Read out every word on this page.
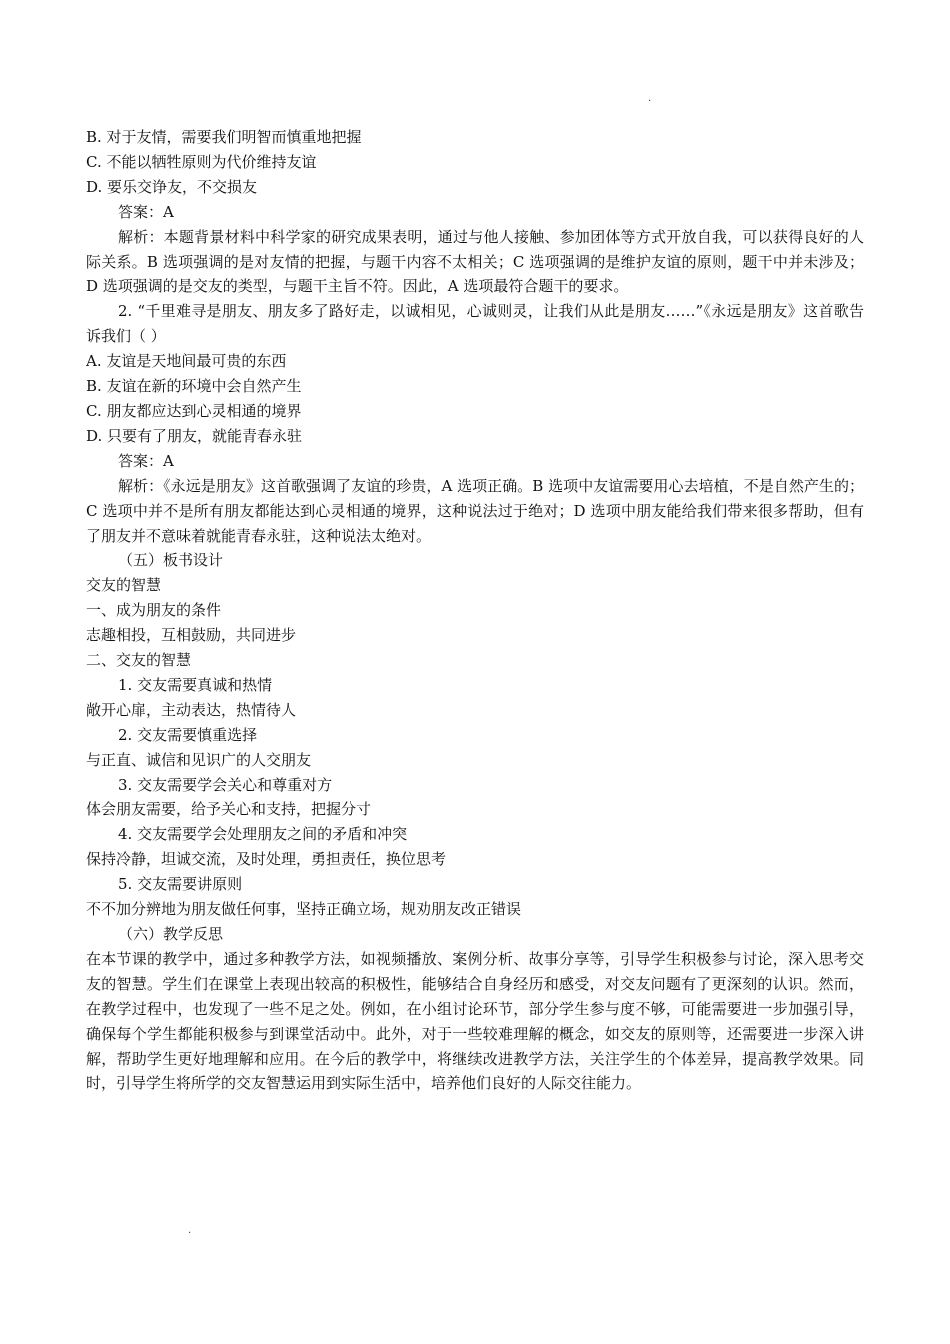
.
B. 对于友情，需要我们明智而慎重地把握
C. 不能以牺牲原则为代价维持友谊
D. 要乐交诤友，不交损友
答案：A
解析：本题背景材料中科学家的研究成果表明，通过与他人接触、参加团体等方式开放自我，可以获得良好的人际关系。B 选项强调的是对友情的把握，与题干内容不太相关；C 选项强调的是维护友谊的原则，题干中并未涉及；D 选项强调的是交友的类型，与题干主旨不符。因此，A 选项最符合题干的要求。
2. “千里难寻是朋友、朋友多了路好走，以诚相见，心诚则灵，让我们从此是朋友……”《永远是朋友》这首歌告诉我们（ ）
A. 友谊是天地间最可贵的东西
B. 友谊在新的环境中会自然产生
C. 朋友都应达到心灵相通的境界
D. 只要有了朋友，就能青春永驻
答案：A
解析：《永远是朋友》这首歌强调了友谊的珍贵，A 选项正确。B 选项中友谊需要用心去培植，不是自然产生的；C 选项中并不是所有朋友都能达到心灵相通的境界，这种说法过于绝对；D 选项中朋友能给我们带来很多帮助，但有了朋友并不意味着就能青春永驻，这种说法太绝对。
（五）板书设计
交友的智慧
一、成为朋友的条件
志趣相投，互相鼓励，共同进步
二、交友的智慧
1. 交友需要真诚和热情
敞开心扉，主动表达，热情待人
2. 交友需要慎重选择
与正直、诚信和见识广的人交朋友
3. 交友需要学会关心和尊重对方
体会朋友需要，给予关心和支持，把握分寸
4. 交友需要学会处理朋友之间的矛盾和冲突
保持冷静，坦诚交流，及时处理，勇担责任，换位思考
5. 交友需要讲原则
不不加分辨地为朋友做任何事，坚持正确立场，规劝朋友改正错误
（六）教学反思
在本节课的教学中，通过多种教学方法，如视频播放、案例分析、故事分享等，引导学生积极参与讨论，深入思考交友的智慧。学生们在课堂上表现出较高的积极性，能够结合自身经历和感受，对交友问题有了更深刻的认识。然而，在教学过程中，也发现了一些不足之处。例如，在小组讨论环节，部分学生参与度不够，可能需要进一步加强引导，确保每个学生都能积极参与到课堂活动中。此外，对于一些较难理解的概念，如交友的原则等，还需要进一步深入讲解，帮助学生更好地理解和应用。在今后的教学中，将继续改进教学方法，关注学生的个体差异，提高教学效果。同时，引导学生将所学的交友智慧运用到实际生活中，培养他们良好的人际交往能力。
.
